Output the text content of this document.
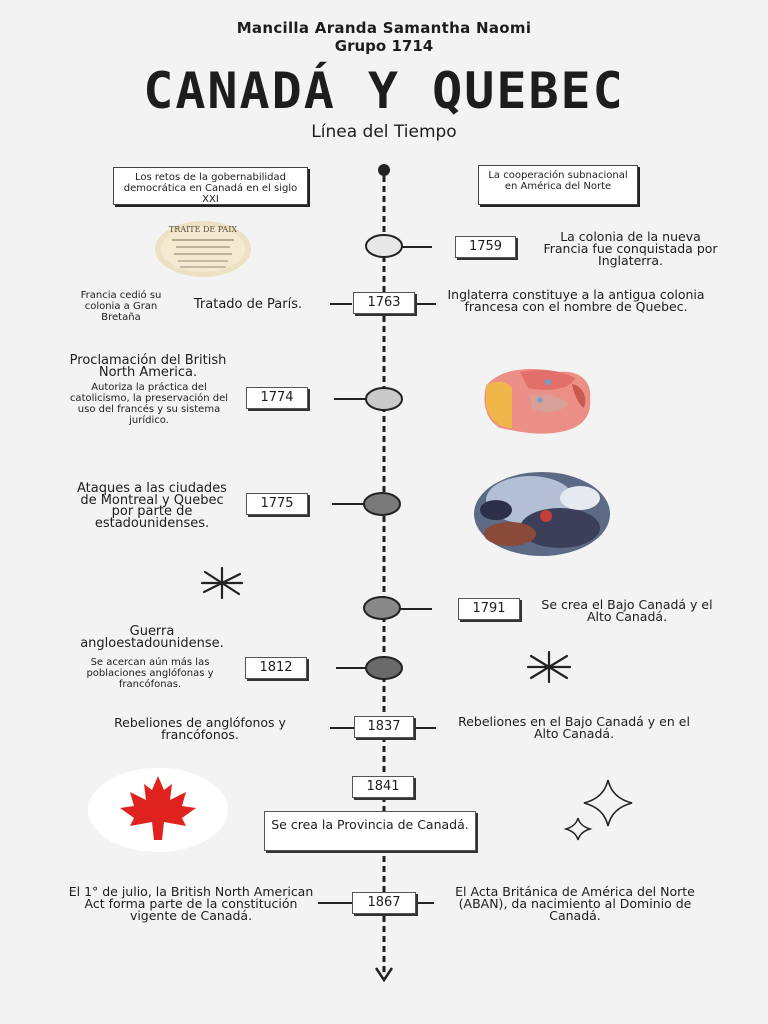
Mancilla Aranda Samantha Naomi
Grupo 1714
CANADÁ Y QUEBEC
Línea del Tiempo
Los retos de la gobernabilidad democrática en Canadá en el siglo XXI
La cooperación subnacional en América del Norte
TRAITE DE PAIX
1759
1763
1774
1775
1791
1812
1837
1841
1867
La colonia de la nueva Francia fue conquistada por Inglaterra.
Francia cedió su colonia a Gran Bretaña
Tratado de París.
Inglaterra constituye a la antigua colonia francesa con el nombre de Quebec.
Proclamación del British North America.
Autoriza la práctica del catolicismo, la preservación del uso del francés y su sistema jurídico.
Ataques a las ciudades de Montreal y Quebec por parte de estadounidenses.
Se crea el Bajo Canadá y el Alto Canadá.
Guerra angloestadounidense.
Se acercan aún más las poblaciones anglófonas y francófonas.
Rebeliones de anglófonos y francófonos.
Rebeliones en el Bajo Canadá y en el Alto Canadá.
Se crea la Provincia de Canadá.
El 1° de julio, la British North American Act forma parte de la constitución vigente de Canadá.
El Acta Británica de América del Norte (ABAN), da nacimiento al Dominio de Canadá.
